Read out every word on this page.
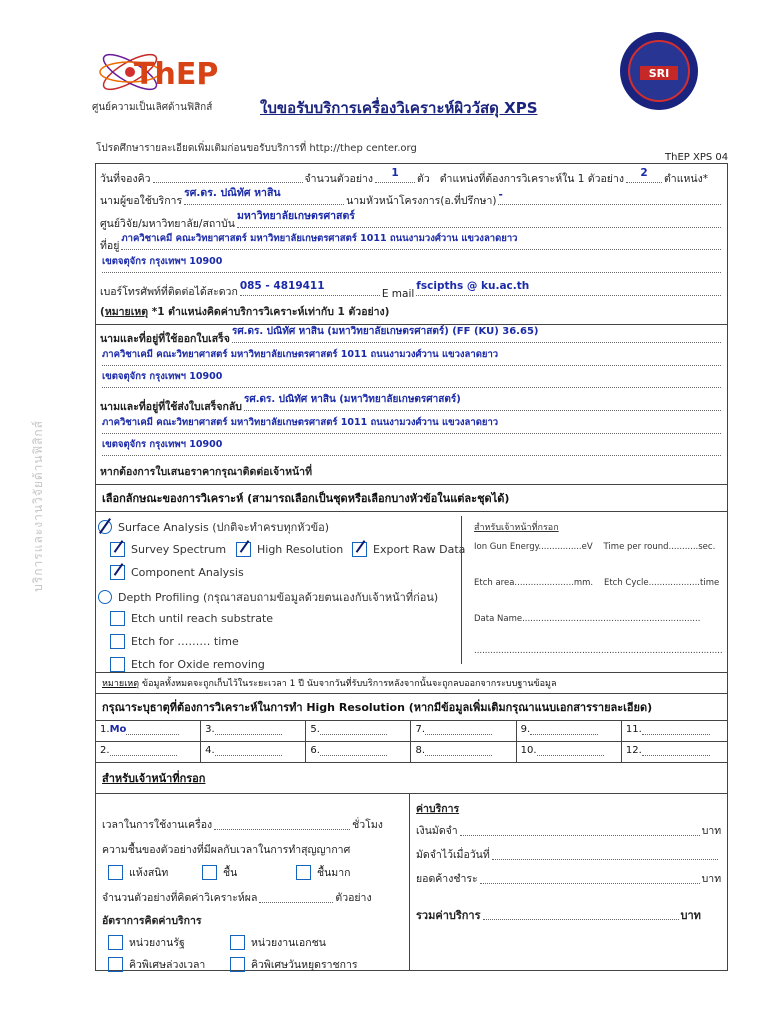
ThEP
ศูนย์ความเป็นเลิศด้านฟิสิกส์
SRI
ใบขอรับบริการเครื่องวิเคราะห์ผิววัสดุ XPS
โปรดศึกษารายละเอียดเพิ่มเติมก่อนขอรับบริการที่ http://thep center.org
ThEP XPS 04
บริการและงานวิจัยด้านฟิสิกส์
วันที่จองคิว	จำนวนตัวอย่าง	1	ตัว ตำแหน่งที่ต้องการวิเคราะห์ใน 1 ตัวอย่าง	2	ตำแหน่ง*
นามผู้ขอใช้บริการ
รศ.ดร. ปณิทัศ หาสิน
นามหัวหน้าโครงการ(อ.ที่ปรึกษา) -
ศูนย์วิจัย/มหาวิทยาลัย/สถาบัน
มหาวิทยาลัยเกษตรศาสตร์
ที่อยู่
ภาควิชาเคมี คณะวิทยาศาสตร์ มหาวิทยาลัยเกษตรศาสตร์ 1011 ถนนงามวงศ์วาน แขวงลาดยาว
เขตจตุจักร กรุงเทพฯ 10900
เบอร์โทรศัพท์ที่ติดต่อได้สะดวก 085 - 4819411
E mail
fscipths @ ku.ac.th
(หมายเหตุ *1 ตำแหน่งคิดค่าบริการวิเคราะห์เท่ากับ 1 ตัวอย่าง)
นามและที่อยู่ที่ใช้ออกใบเสร็จ
รศ.ดร. ปณิทัศ หาสิน (มหาวิทยาลัยเกษตรศาสตร์) (FF (KU) 36.65)
ภาควิชาเคมี คณะวิทยาศาสตร์ มหาวิทยาลัยเกษตรศาสตร์ 1011 ถนนงามวงศ์วาน แขวงลาดยาว
เขตจตุจักร กรุงเทพฯ 10900
นามและที่อยู่ที่ใช้ส่งใบเสร็จกลับ
รศ.ดร. ปณิทัศ หาสิน (มหาวิทยาลัยเกษตรศาสตร์)
ภาควิชาเคมี คณะวิทยาศาสตร์ มหาวิทยาลัยเกษตรศาสตร์ 1011 ถนนงามวงศ์วาน แขวงลาดยาว
เขตจตุจักร กรุงเทพฯ 10900
หากต้องการใบเสนอราคากรุณาติดต่อเจ้าหน้าที่
เลือกลักษณะของการวิเคราะห์ (สามารถเลือกเป็นชุดหรือเลือกบางหัวข้อในแต่ละชุดได้)
Surface Analysis (ปกติจะทำครบทุกหัวข้อ)
Survey Spectrum	High Resolution	Export Raw Data
Component Analysis
Depth Profiling (กรุณาสอบถามข้อมูลด้วยตนเองกับเจ้าหน้าที่ก่อน)
Etch until reach substrate
Etch for ……… time
Etch for Oxide removing
สำหรับเจ้าหน้าที่กรอก
Ion Gun Energy................eV Time per round...........sec.
Etch area......................mm. Etch Cycle...................time
Data Name..................................................................
............................................................................................
หมายเหตุ ข้อมูลทั้งหมดจะถูกเก็บไว้ในระยะเวลา 1 ปี นับจากวันที่รับบริการหลังจากนั้นจะถูกลบออกจากระบบฐานข้อมูล
กรุณาระบุธาตุที่ต้องการวิเคราะห์ในการทำ High Resolution (หากมีข้อมูลเพิ่มเติมกรุณาแนบเอกสารรายละเอียด)
1.Mo	3.	5.	7.	9.	11.
2.	4.	6.	8.	10.	12.
สำหรับเจ้าหน้าที่กรอก
เวลาในการใช้งานเครื่อง	ชั่วโมง
ความชื้นของตัวอย่างที่มีผลกับเวลาในการทำสุญญากาศ
แห้งสนิท	ชื้น	ชื้นมาก
จำนวนตัวอย่างที่คิดค่าวิเคราะห์ผล	ตัวอย่าง
อัตราการคิดค่าบริการ
หน่วยงานรัฐ	หน่วยงานเอกชน
คิวพิเศษล่วงเวลา	คิวพิเศษวันหยุดราชการ
ค่าบริการ
เงินมัดจำ	บาท
มัดจำไว้เมื่อวันที่
ยอดค้างชำระ	บาท
รวมค่าบริการ	บาท
